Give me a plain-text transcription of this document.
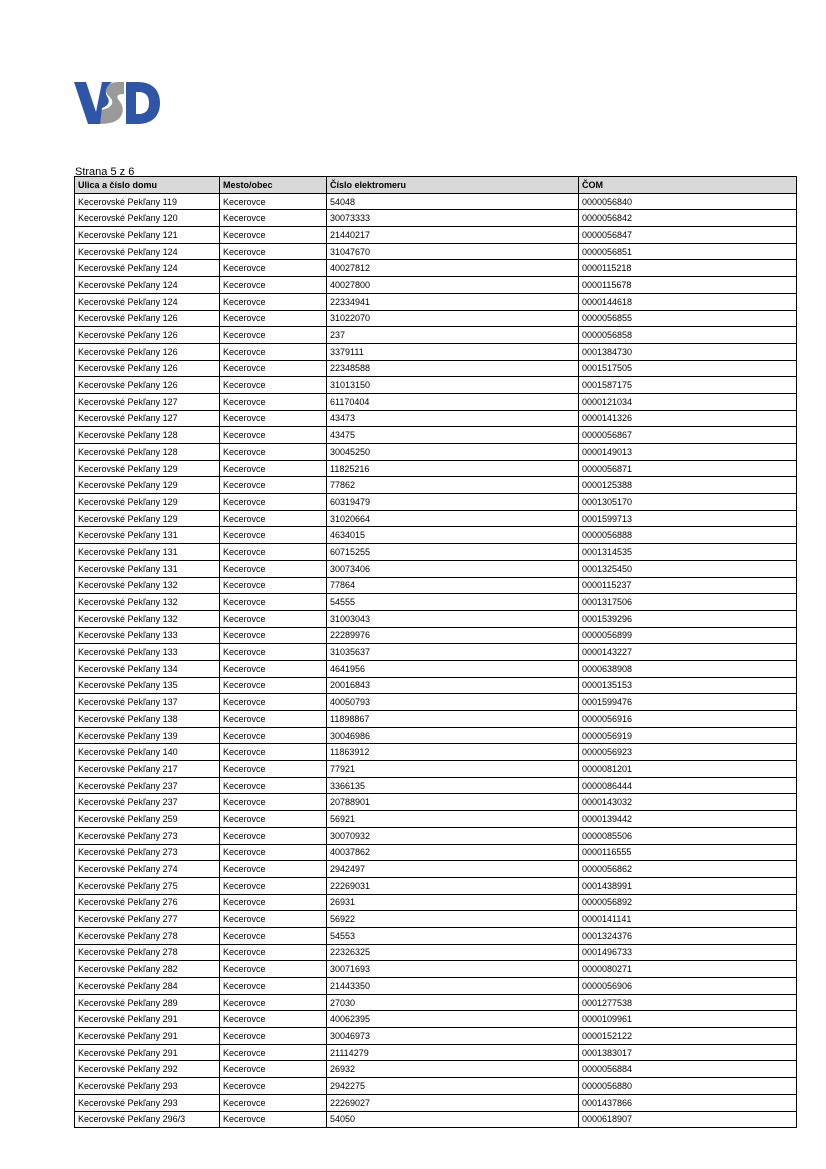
Strana 5 z 6
Ulica a číslo domu	Mesto/obec	Číslo elektromeru	ČOM
Kecerovské Pekľany 119	Kecerovce	54048	0000056840
Kecerovské Pekľany 120	Kecerovce	30073333	0000056842
Kecerovské Pekľany 121	Kecerovce	21440217	0000056847
Kecerovské Pekľany 124	Kecerovce	31047670	0000056851
Kecerovské Pekľany 124	Kecerovce	40027812	0000115218
Kecerovské Pekľany 124	Kecerovce	40027800	0000115678
Kecerovské Pekľany 124	Kecerovce	22334941	0000144618
Kecerovské Pekľany 126	Kecerovce	31022070	0000056855
Kecerovské Pekľany 126	Kecerovce	237	0000056858
Kecerovské Pekľany 126	Kecerovce	3379111	0001384730
Kecerovské Pekľany 126	Kecerovce	22348588	0001517505
Kecerovské Pekľany 126	Kecerovce	31013150	0001587175
Kecerovské Pekľany 127	Kecerovce	61170404	0000121034
Kecerovské Pekľany 127	Kecerovce	43473	0000141326
Kecerovské Pekľany 128	Kecerovce	43475	0000056867
Kecerovské Pekľany 128	Kecerovce	30045250	0000149013
Kecerovské Pekľany 129	Kecerovce	11825216	0000056871
Kecerovské Pekľany 129	Kecerovce	77862	0000125388
Kecerovské Pekľany 129	Kecerovce	60319479	0001305170
Kecerovské Pekľany 129	Kecerovce	31020664	0001599713
Kecerovské Pekľany 131	Kecerovce	4634015	0000056888
Kecerovské Pekľany 131	Kecerovce	60715255	0001314535
Kecerovské Pekľany 131	Kecerovce	30073406	0001325450
Kecerovské Pekľany 132	Kecerovce	77864	0000115237
Kecerovské Pekľany 132	Kecerovce	54555	0001317506
Kecerovské Pekľany 132	Kecerovce	31003043	0001539296
Kecerovské Pekľany 133	Kecerovce	22289976	0000056899
Kecerovské Pekľany 133	Kecerovce	31035637	0000143227
Kecerovské Pekľany 134	Kecerovce	4641956	0000638908
Kecerovské Pekľany 135	Kecerovce	20016843	0000135153
Kecerovské Pekľany 137	Kecerovce	40050793	0001599476
Kecerovské Pekľany 138	Kecerovce	11898867	0000056916
Kecerovské Pekľany 139	Kecerovce	30046986	0000056919
Kecerovské Pekľany 140	Kecerovce	11863912	0000056923
Kecerovské Pekľany 217	Kecerovce	77921	0000081201
Kecerovské Pekľany 237	Kecerovce	3366135	0000086444
Kecerovské Pekľany 237	Kecerovce	20788901	0000143032
Kecerovské Pekľany 259	Kecerovce	56921	0000139442
Kecerovské Pekľany 273	Kecerovce	30070932	0000085506
Kecerovské Pekľany 273	Kecerovce	40037862	0000116555
Kecerovské Pekľany 274	Kecerovce	2942497	0000056862
Kecerovské Pekľany 275	Kecerovce	22269031	0001438991
Kecerovské Pekľany 276	Kecerovce	26931	0000056892
Kecerovské Pekľany 277	Kecerovce	56922	0000141141
Kecerovské Pekľany 278	Kecerovce	54553	0001324376
Kecerovské Pekľany 278	Kecerovce	22326325	0001496733
Kecerovské Pekľany 282	Kecerovce	30071693	0000080271
Kecerovské Pekľany 284	Kecerovce	21443350	0000056906
Kecerovské Pekľany 289	Kecerovce	27030	0001277538
Kecerovské Pekľany 291	Kecerovce	40062395	0000109961
Kecerovské Pekľany 291	Kecerovce	30046973	0000152122
Kecerovské Pekľany 291	Kecerovce	21114279	0001383017
Kecerovské Pekľany 292	Kecerovce	26932	0000056884
Kecerovské Pekľany 293	Kecerovce	2942275	0000056880
Kecerovské Pekľany 293	Kecerovce	22269027	0001437866
Kecerovské Pekľany 296/3	Kecerovce	54050	0000618907
